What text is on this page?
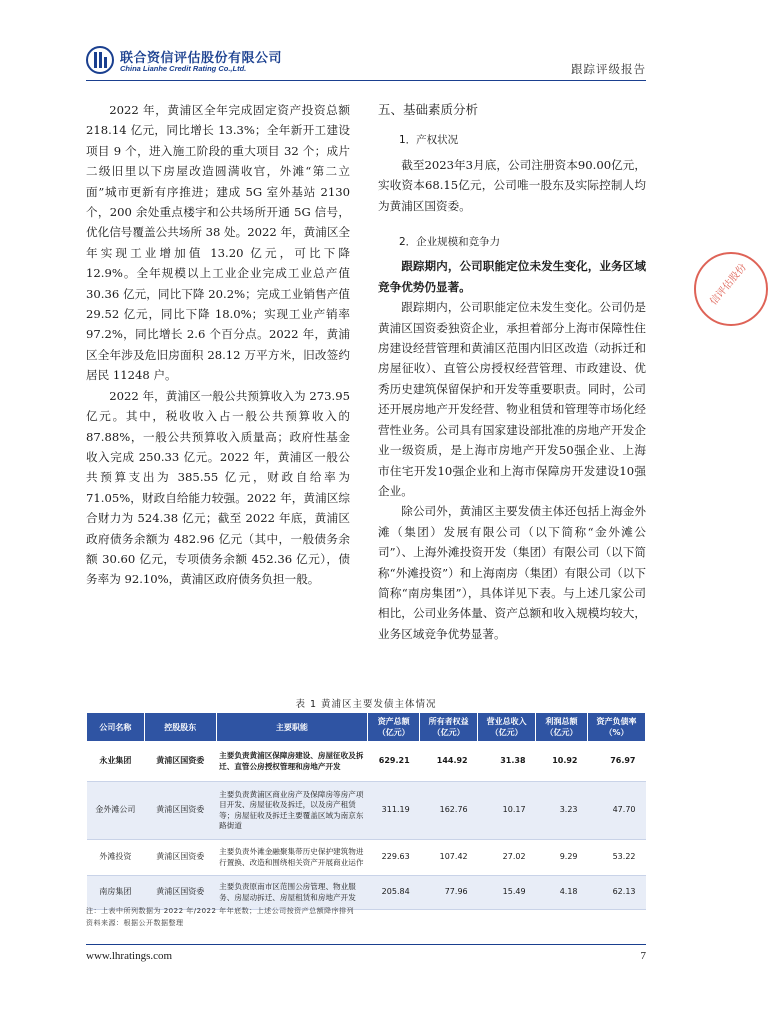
联合资信评估股份有限公司
China Lianhe Credit Rating Co.,Ltd.	跟踪评级报告

2022 年，黄浦区全年完成固定资产投资总额 218.14 亿元，同比增长 13.3%；全年新开工建设项目 9 个，进入施工阶段的重大项目 32 个；成片二级旧里以下房屋改造圆满收官，外滩“第二立面”城市更新有序推进；建成 5G 室外基站 2130 个，200 余处重点楼宇和公共场所开通 5G 信号，优化信号覆盖公共场所 38 处。2022 年，黄浦区全年实现工业增加值 13.20 亿元，可比下降 12.9%。全年规模以上工业企业完成工业总产值 30.36 亿元，同比下降 20.2%；完成工业销售产值 29.52 亿元，同比下降 18.0%；实现工业产销率 97.2%，同比增长 2.6 个百分点。2022 年，黄浦区全年涉及危旧房面积 28.12 万平方米，旧改签约居民 11248 户。

2022 年，黄浦区一般公共预算收入为 273.95 亿元。其中，税收收入占一般公共预算收入的 87.88%，一般公共预算收入质量高；政府性基金收入完成 250.33 亿元。2022 年，黄浦区一般公共预算支出为 385.55 亿元，财政自给率为 71.05%，财政自给能力较强。2022 年，黄浦区综合财力为 524.38 亿元；截至 2022 年底，黄浦区政府债务余额为 482.96 亿元（其中，一般债务余额 30.60 亿元，专项债务余额 452.36 亿元），债务率为 92.10%，黄浦区政府债务负担一般。

五、基础素质分析

1．产权状况

截至2023年3月底，公司注册资本90.00亿元，实收资本68.15亿元，公司唯一股东及实际控制人均为黄浦区国资委。

2．企业规模和竞争力

跟踪期内，公司职能定位未发生变化，业务区域竞争优势仍显著。

跟踪期内，公司职能定位未发生变化。公司仍是黄浦区国资委独资企业，承担着部分上海市保障性住房建设经营管理和黄浦区范围内旧区改造（动拆迁和房屋征收）、直管公房授权经营管理、市政建设、优秀历史建筑保留保护和开发等重要职责。同时，公司还开展房地产开发经营、物业租赁和管理等市场化经营性业务。公司具有国家建设部批准的房地产开发企业一级资质，是上海市房地产开发50强企业、上海市住宅开发10强企业和上海市保障房开发建设10强企业。

除公司外，黄浦区主要发债主体还包括上海金外滩（集团）发展有限公司（以下简称“金外滩公司”）、上海外滩投资开发（集团）有限公司（以下简称“外滩投资”）和上海南房（集团）有限公司（以下简称“南房集团”），具体详见下表。与上述几家公司相比，公司业务体量、资产总额和收入规模均较大，业务区域竞争优势显著。

信评估股份
表 1 黄浦区主要发债主体情况
公司名称	控股股东	主要职能	资产总额（亿元）	所有者权益（亿元）	营业总收入（亿元）	利润总额（亿元）	资产负债率（%）
永业集团	黄浦区国资委	主要负责黄浦区保障房建设、房屋征收及拆迁、直管公房授权管理和房地产开发	629.21	144.92	31.38	10.92	76.97
金外滩公司	黄浦区国资委	主要负责黄浦区商业房产及保障房等房产项目开发、房屋征收及拆迁，以及房产租赁等；房屋征收及拆迁主要覆盖区域为南京东路街道	311.19	162.76	10.17	3.23	47.70
外滩投资	黄浦区国资委	主要负责外滩金融聚集带历史保护建筑物进行置换、改造和围绕相关资产开展商业运作	229.63	107.42	27.02	9.29	53.22
南房集团	黄浦区国资委	主要负责原南市区范围公房管理、物业服务、房屋动拆迁、房屋租赁和房地产开发	205.84	77.96	15.49	4.18	62.13
注：上表中所列数据为 2022 年/2022 年年底数；上述公司按资产总额降序排列
资料来源：根据公开数据整理
www.lhratings.com	7
